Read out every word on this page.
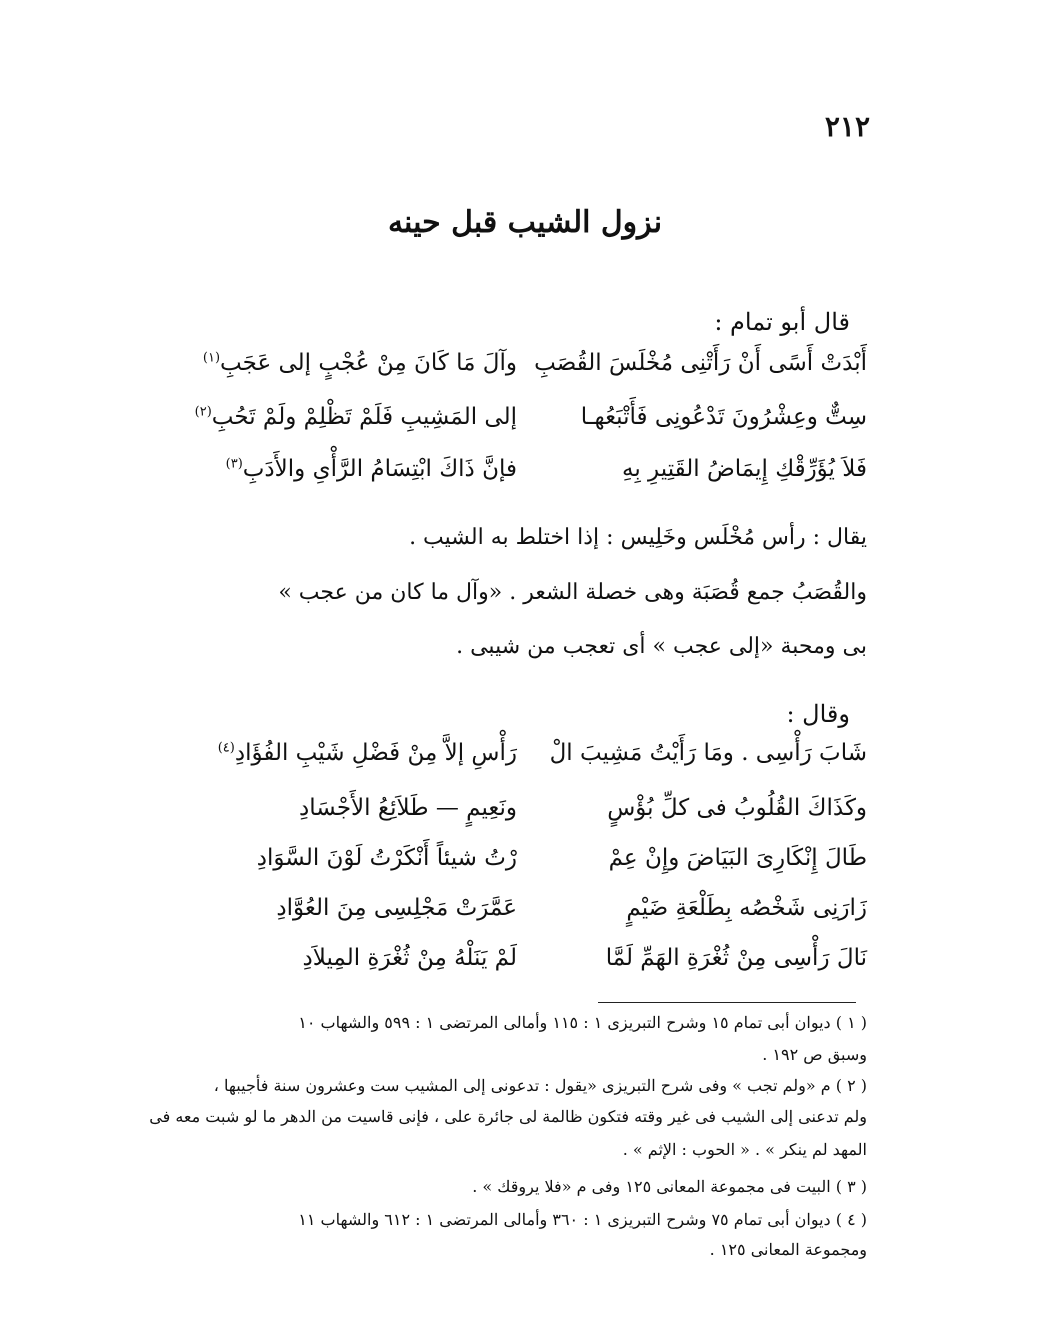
٢١٢
نزول الشيب قبل حينه
قال أبو تمام :
أَبْدَتْ أَسًى أَنْ رَأَتْنِى مُخْلَسَ القُصَبِ
وآلَ مَا كَانَ مِنْ عُجْبٍ إلى عَجَبِ$^{(١)}$
سِتٌّ وعِشْرُونَ تَدْعُونِى فَأَتْبَعُهـا
إلى المَشِيبِ فَلَمْ تَظْلِمْ ولَمْ تَحُبِ$^{(٢)}$
فَلاَ يُؤَرِّقْكِ إِيمَاضُ القَتِيرِ بِهِ
فإنَّ ذَاكَ ابْتِسَامُ الرَّأْىِ والأَدَبِ$^{(٣)}$
يقال : رأس مُخْلَس وخَلِيس : إذا اختلط به الشيب .
والقُصَبُ جمع قُصَبَة وهى خصلة الشعر . «وآل ما كان من عجب »
بى ومحبة «إلى عجب » أى تعجب من شيبى .
وقال :
شَابَ رَأْسِى . ومَا رَأَيْتُ مَشِيبَ الْ
رَأْسِ إلاَّ مِنْ فَضْلِ شَيْبِ الفُؤَادِ$^{(٤)}$
وكَذَاكَ القُلُوبُ فى كلِّ بُؤْسٍ
ونَعِيمٍ — طَلاَئِعُ الأَجْسَادِ
طَالَ إِنْكَارِىَ البَيَاضَ وإِنْ عِمْ
رْتُ شيئاً أَنْكَرْتُ لَوْنَ السَّوَادِ
زَارَنِى شَخْصُه بِطَلْعَةِ ضَيْمٍ
عَمَّرَتْ مَجْلِسِى مِنَ العُوَّادِ
نَالَ رَأْسِى مِنْ ثُغْرَةِ الهَمِّ لَمَّا
لَمْ يَنَلْهُ مِنْ ثُغْرَةِ المِيلاَدِ
( ١ ) ديوان أبى تمام ١٥ وشرح التبريزى ١ : ١١٥ وأمالى المرتضى ١ : ٥٩٩ والشهاب ١٠
وسبق ص ١٩٢ .
( ٢ ) م «ولم تجب » وفى شرح التبريزى «يقول : تدعونى إلى المشيب ست وعشرون سنة فأجيبها ،
ولم تدعنى إلى الشيب فى غير وقته فتكون ظالمة لى جائرة على ، فإنى قاسيت من الدهر ما لو شبت معه فى
المهد لم ينكر » . « الحوب : الإثم » .
( ٣ ) البيت فى مجموعة المعانى ١٢٥ وفى م «فلا يروقك » .
( ٤ ) ديوان أبى تمام ٧٥ وشرح التبريزى ١ : ٣٦٠ وأمالى المرتضى ١ : ٦١٢ والشهاب ١١
ومجموعة المعانى ١٢٥ .
